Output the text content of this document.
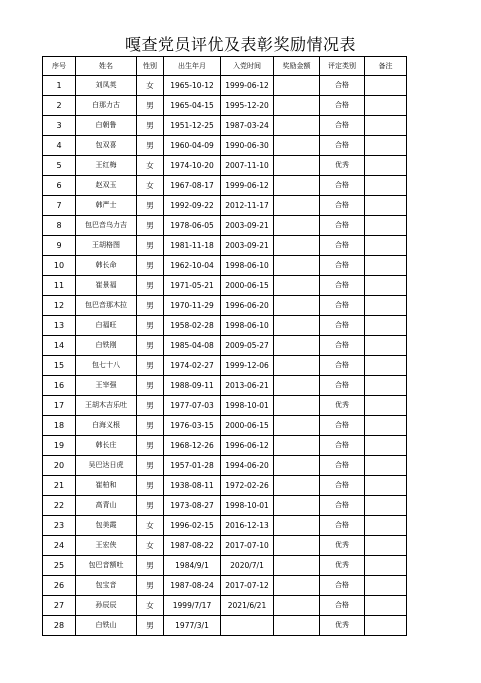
嘎查党员评优及表彰奖励情况表
序号	姓名	性别	出生年月	入党时间	奖励金额	评定类别	备注
1	刘凤英	女	1965-10-12	1999-06-12		合格	
2	白那力古	男	1965-04-15	1995-12-20		合格	
3	白朝鲁	男	1951-12-25	1987-03-24		合格	
4	包双喜	男	1960-04-09	1990-06-30		合格	
5	王红梅	女	1974-10-20	2007-11-10		优秀	
6	赵双玉	女	1967-08-17	1999-06-12		合格	
7	韩严士	男	1992-09-22	2012-11-17		合格	
8	包巴音乌力吉	男	1978-06-05	2003-09-21		合格	
9	王胡格图	男	1981-11-18	2003-09-21		合格	
10	韩长命	男	1962-10-04	1998-06-10		合格	
11	崔景福	男	1971-05-21	2000-06-15		合格	
12	包巴音那木拉	男	1970-11-29	1996-06-20		合格	
13	白福旺	男	1958-02-28	1998-06-10		合格	
14	白铁刚	男	1985-04-08	2009-05-27		合格	
15	包七十八	男	1974-02-27	1999-12-06		合格	
16	王宰强	男	1988-09-11	2013-06-21		合格	
17	王胡木吉乐吐	男	1977-07-03	1998-10-01		优秀	
18	白海义根	男	1976-03-15	2000-06-15		合格	
19	韩长庄	男	1968-12-26	1996-06-12		合格	
20	吴巴达日虎	男	1957-01-28	1994-06-20		合格	
21	崔柏和	男	1938-08-11	1972-02-26		合格	
22	高青山	男	1973-08-27	1998-10-01		合格	
23	包美霞	女	1996-02-15	2016-12-13		合格	
24	王宏侠	女	1987-08-22	2017-07-10		优秀	
25	包巴音额吐	男	1984/9/1	2020/7/1		优秀	
26	包宝音	男	1987-08-24	2017-07-12		合格	
27	孙辰辰	女	1999/7/17	2021/6/21		合格	
28	白铁山	男	1977/3/1			优秀	
